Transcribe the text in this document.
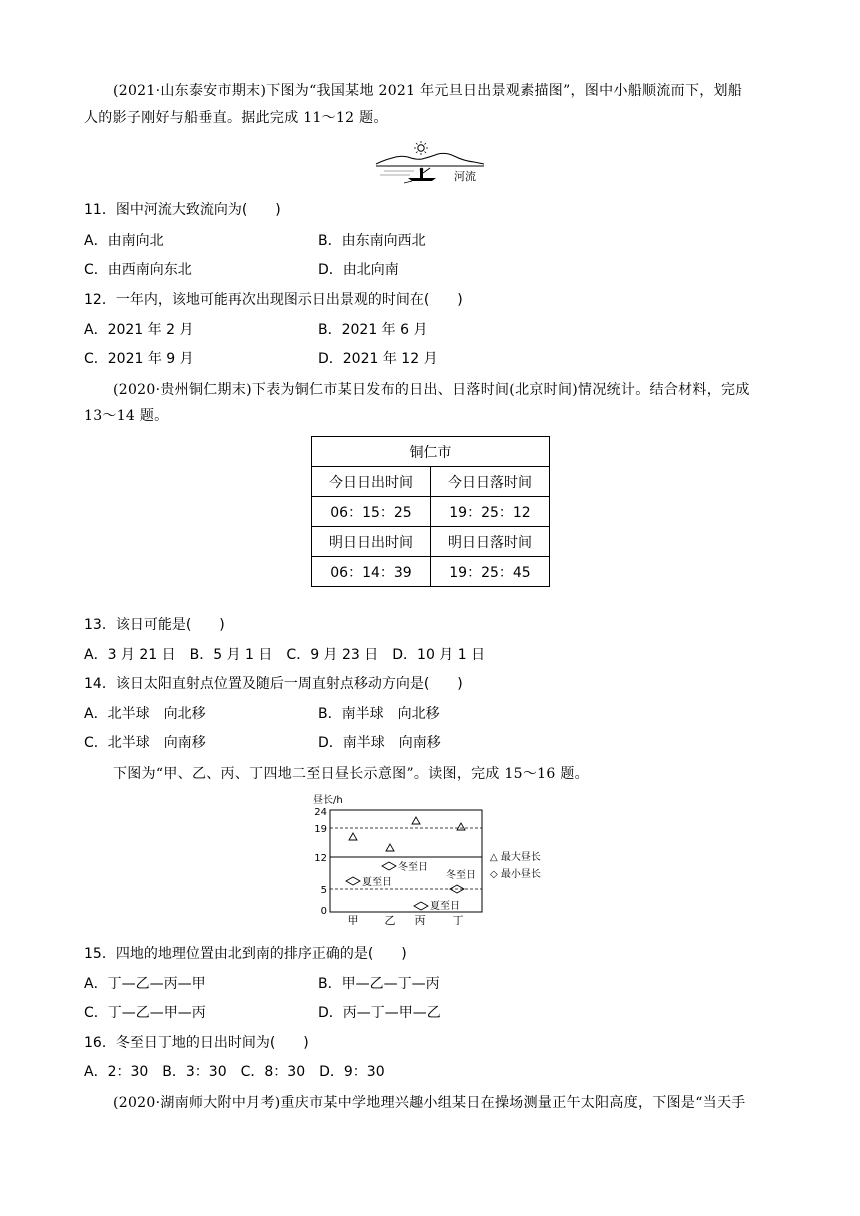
(2021·山东泰安市期末)下图为“我国某地 2021 年元旦日出景观素描图”，图中小船顺流而下，划船
人的影子刚好与船垂直。据此完成 11～12 题。
河流
11．图中河流大致流向为(　　)
A．由南向北	B．由东南向西北
C．由西南向东北	D．由北向南
12．一年内，该地可能再次出现图示日出景观的时间在(　　)
A．2021 年 2 月	B．2021 年 6 月
C．2021 年 9 月	D．2021 年 12 月
(2020·贵州铜仁期末)下表为铜仁市某日发布的日出、日落时间(北京时间)情况统计。结合材料，完成
13～14 题。
铜仁市	
今日日出时间	今日日落时间
06：15：25	19：25：12
明日日出时间	明日日落时间
06：14：39	19：25：45
13．该日可能是(　　)
A．3 月 21 日　B．5 月 1 日　C．9 月 23 日　D．10 月 1 日
14．该日太阳直射点位置及随后一周直射点移动方向是(　　)
A．北半球　向北移	B．南半球　向北移
C．北半球　向南移	D．南半球　向南移
下图为“甲、乙、丙、丁四地二至日昼长示意图”。读图，完成 15～16 题。
昼长/h
24
19
12
5
0
夏至日
冬至日
夏至日
冬至日
甲 乙 丙 丁
△ 最大昼长
◇ 最小昼长
15．四地的地理位置由北到南的排序正确的是(　　)
A．丁—乙—丙—甲	B．甲—乙—丁—丙
C．丁—乙—甲—丙	D．丙—丁—甲—乙
16．冬至日丁地的日出时间为(　　)
A．2：30　B．3：30　C．8：30　D．9：30
(2020·湖南师大附中月考)重庆市某中学地理兴趣小组某日在操场测量正午太阳高度，下图是“当天手
